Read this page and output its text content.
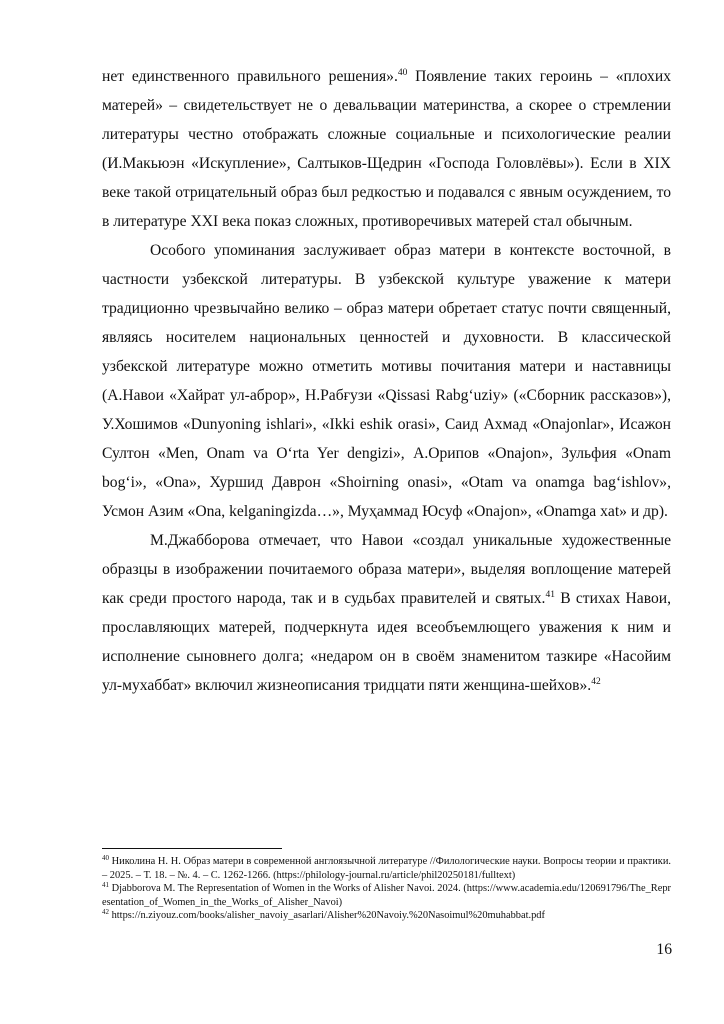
нет единственного правильного решения».$^{40}$ Появление таких героинь – «плохих матерей» – свидетельствует не о девальвации материнства, а скорее о стремлении литературы честно отображать сложные социальные и психологические реалии (И.Макьюэн «Искупление», Салтыков-Щедрин «Господа Головлёвы»). Если в XIX веке такой отрицательный образ был редкостью и подавался с явным осуждением, то в литературе XXI века показ сложных, противоречивых матерей стал обычным.

Особого упоминания заслуживает образ матери в контексте восточной, в частности узбекской литературы. В узбекской культуре уважение к матери традиционно чрезвычайно велико – образ матери обретает статус почти священный, являясь носителем национальных ценностей и духовности. В классической узбекской литературе можно отметить мотивы почитания матери и наставницы (А.Навои «Хайрат ул-аброр», Н.Рабғузи «Qissasi Rabg‘uziy» («Сборник рассказов»), У.Хошимов «Dunyoning ishlari», «Ikki eshik orasi», Саид Ахмад «Onajonlar», Исажон Султон «Men, Onam va O‘rta Yer dengizi», А.Орипов «Onajon», Зульфия «Onam bog‘i», «Ona», Хуршид Даврон «Shoirning onasi», «Otam va onamga bag‘ishlov», Усмон Азим «Ona, kelganingizda…», Муҳаммад Юсуф «Onajon», «Onamga xat» и др).

М.Джабборова отмечает, что Навои «создал уникальные художественные образцы в изображении почитаемого образа матери», выделяя воплощение матерей как среди простого народа, так и в судьбах правителей и святых.$^{41}$ В стихах Навои, прославляющих матерей, подчеркнута идея всеобъемлющего уважения к ним и исполнение сыновнего долга; «недаром он в своём знаменитом тазкире «Насойим ул-мухаббат» включил жизнеописания тридцати пяти женщина-шейхов».$^{42}$

$^{40}$ Николина Н. Н. Образ матери в современной англоязычной литературе //Филологические науки. Вопросы теории и практики. – 2025. – Т. 18. – №. 4. – С. 1262-1266. (https://philology-journal.ru/article/phil20250181/fulltext)

$^{41}$ Djabborova M. The Representation of Women in the Works of Alisher Navoi. 2024. (https://www.academia.edu/120691796/The_Representation_of_Women_in_the_Works_of_Alisher_Navoi)

$^{42}$ https://n.ziyouz.com/books/alisher_navoiy_asarlari/Alisher%20Navoiy.%20Nasoimul%20muhabbat.pdf

16
